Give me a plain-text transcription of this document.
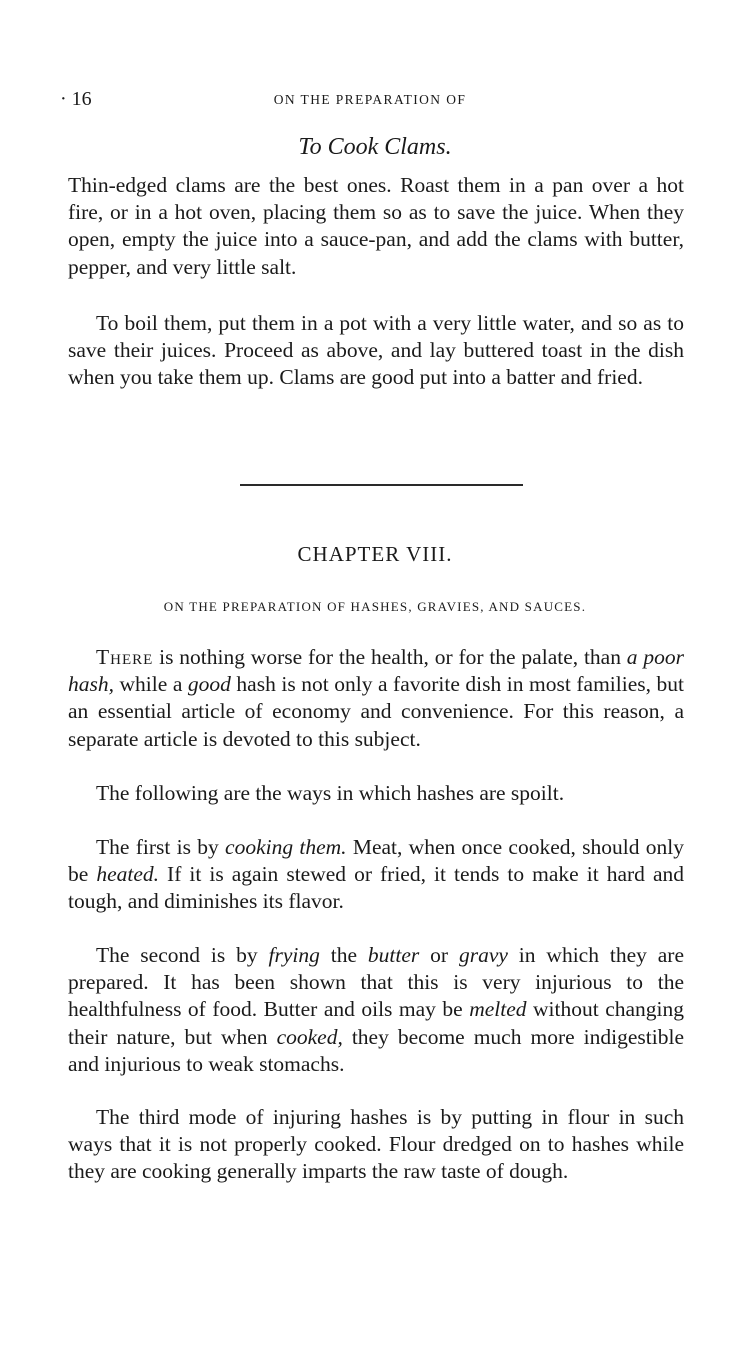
· 16	ON THE PREPARATION OF
To Cook Clams.

Thin-edged clams are the best ones. Roast them in a pan over a hot fire, or in a hot oven, placing them so as to save the juice. When they open, empty the juice into a sauce-pan, and add the clams with butter, pepper, and very little salt.

To boil them, put them in a pot with a very little water, and so as to save their juices. Proceed as above, and lay buttered toast in the dish when you take them up. Clams are good put into a batter and fried.

CHAPTER VIII.
ON THE PREPARATION OF HASHES, GRAVIES, AND SAUCES.

There is nothing worse for the health, or for the palate, than a poor hash, while a good hash is not only a favorite dish in most families, but an essential article of economy and convenience. For this reason, a separate article is devoted to this subject.

The following are the ways in which hashes are spoilt.

The first is by cooking them. Meat, when once cooked, should only be heated. If it is again stewed or fried, it tends to make it hard and tough, and diminishes its flavor.

The second is by frying the butter or gravy in which they are prepared. It has been shown that this is very injurious to the healthfulness of food. Butter and oils may be melted without changing their nature, but when cooked, they become much more indigestible and injurious to weak stomachs.

The third mode of injuring hashes is by putting in flour in such ways that it is not properly cooked. Flour dredged on to hashes while they are cooking generally imparts the raw taste of dough.
